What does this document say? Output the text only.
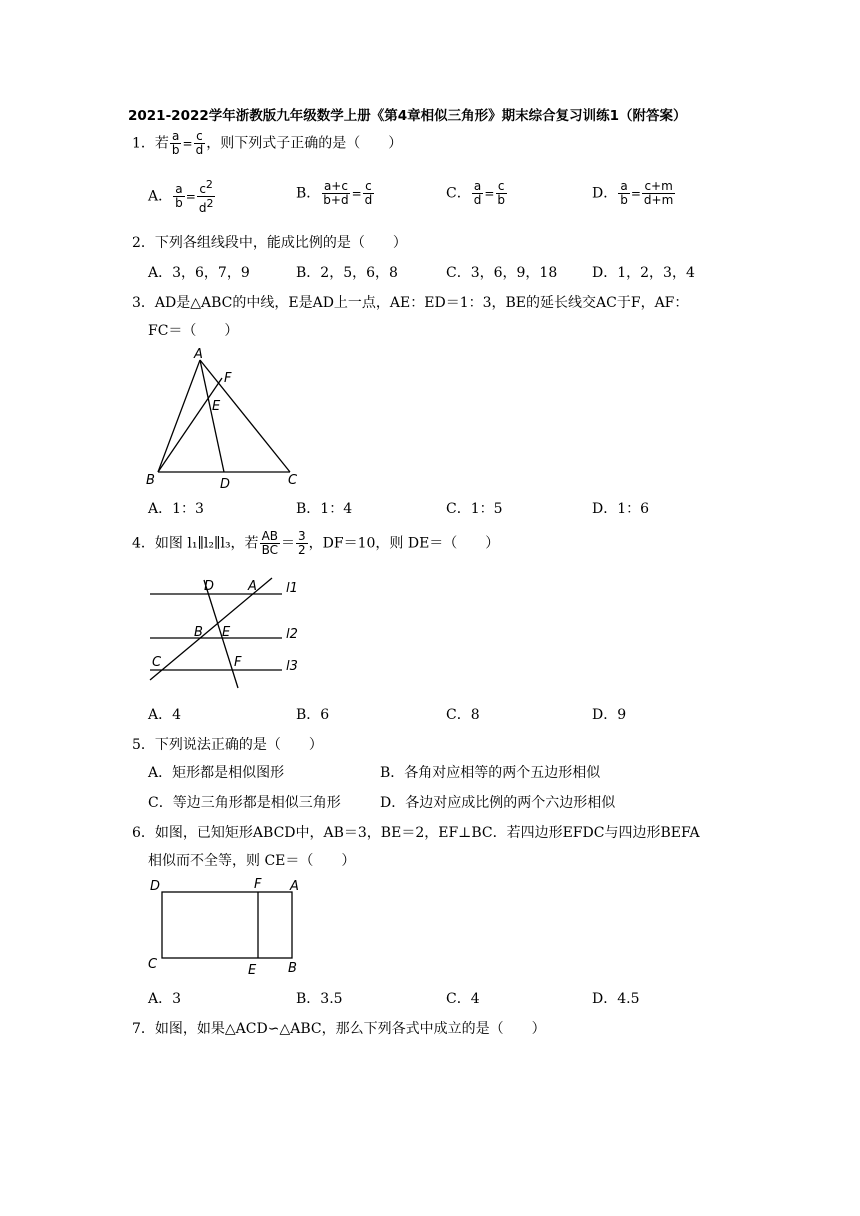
2021-2022学年浙教版九年级数学上册《第4章相似三角形》期末综合复习训练1（附答案）
1．若 $\frac{a}{b} = \frac{c}{d}$ ，则下列式子正确的是（　　）
A． $\frac{a}{b} = \frac{c2}{d2}$	B． $\frac{a+c}{b+d} = \frac{c}{d}$	C． $\frac{a}{d} = \frac{c}{b}$	D． $\frac{a}{b} = \frac{c+m}{d+m}$
2．下列各组线段中，能成比例的是（　　）
A．3，6，7，9	B．2，5，6，8	C．3，6，9，18 D．1，2，3，4
3．AD是△ABC的中线，E是AD上一点，AE：ED＝1：3，BE的延长线交AC于F，AF：
FC＝（　　）
A
F
E
B	D	C
A．1：3	B．1：4	C．1：5	D．1：6
4．如图 l₁∥l₂∥l₃，若 $\frac{AB}{BC} = \frac{3}{2}$ ，DF＝10，则 DE＝（　　）
D	A l1
B E	l2
C	F	l3
A．4	B．6	C．8	D．9
5．下列说法正确的是（　　）
A．矩形都是相似图形	B．各角对应相等的两个五边形相似
C．等边三角形都是相似三角形	D．各边对应成比例的两个六边形相似
6．如图，已知矩形ABCD中，AB＝3，BE＝2，EF⊥BC．若四边形EFDC与四边形BEFA
相似而不全等，则 CE＝（　　）
D	F A
C	E B
A．3	B．3.5	C．4	D．4.5
7．如图，如果△ACD∽△ABC，那么下列各式中成立的是（　　）
